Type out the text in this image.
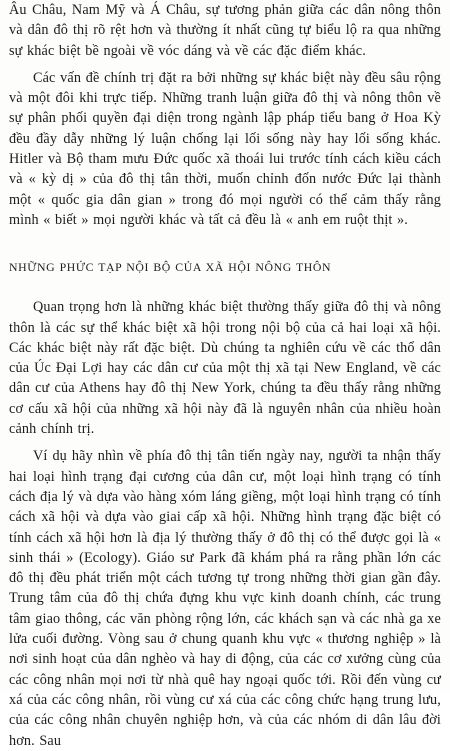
Âu Châu, Nam Mỹ và Á Châu, sự tương phản giữa các dân nông thôn và dân đô thị rõ rệt hơn và thường ít nhất cũng tự biểu lộ ra qua những sự khác biệt bề ngoài về vóc dáng và về các đặc điểm khác.

Các vấn đề chính trị đặt ra bởi những sự khác biệt này đều sâu rộng và một đôi khi trực tiếp. Những tranh luận giữa đô thị và nông thôn về sự phân phối quyền đại diện trong ngành lập pháp tiểu bang ở Hoa Kỳ đều đầy dẫy những lý luận chống lại lối sống này hay lối sống khác. Hitler và Bộ tham mưu Đức quốc xã thoái lui trước tính cách kiều cách và « kỳ dị » của đô thị tân thời, muốn chỉnh đốn nước Đức lại thành một « quốc gia dân gian » trong đó mọi người có thể cảm thấy rằng mình « biết » mọi người khác và tất cả đều là « anh em ruột thịt ».

NHỮNG PHỨC TẠP NỘI BỘ CỦA XÃ HỘI NÔNG THÔN

Quan trọng hơn là những khác biệt thường thấy giữa đô thị và nông thôn là các sự thể khác biệt xã hội trong nội bộ của cả hai loại xã hội. Các khác biệt này rất đặc biệt. Dù chúng ta nghiên cứu về các thổ dân của Úc Đại Lợi hay các dân cư của một thị xã tại New England, về các dân cư của Athens hay đô thị New York, chúng ta đều thấy rằng những cơ cấu xã hội của những xã hội này đã là nguyên nhân của nhiều hoàn cảnh chính trị.

Ví dụ hãy nhìn về phía đô thị tân tiến ngày nay, người ta nhận thấy hai loại hình trạng đại cương của dân cư, một loại hình trạng có tính cách địa lý và dựa vào hàng xóm láng giềng, một loại hình trạng có tính cách xã hội và dựa vào giai cấp xã hội. Những hình trạng đặc biệt có tính cách xã hội hơn là địa lý thường thấy ở đô thị có thể được gọi là « sinh thái » (Ecology). Giáo sư Park đã khám phá ra rằng phần lớn các đô thị đều phát triển một cách tương tự trong những thời gian gần đây. Trung tâm của đô thị chứa đựng khu vực kinh doanh chính, các trung tâm giao thông, các văn phòng rộng lớn, các khách sạn và các nhà ga xe lửa cuối đường. Vòng sau ở chung quanh khu vực « thương nghiệp » là nơi sinh hoạt của dân nghèo và hay di động, của các cơ xưởng cùng của các công nhân mọi nơi từ nhà quê hay ngoại quốc tới. Rồi đến vùng cư xá của các công nhân, rồi vùng cư xá của các công chức hạng trung lưu, của các công nhân chuyên nghiệp hơn, và của các nhóm di dân lâu đời hơn. Sau
